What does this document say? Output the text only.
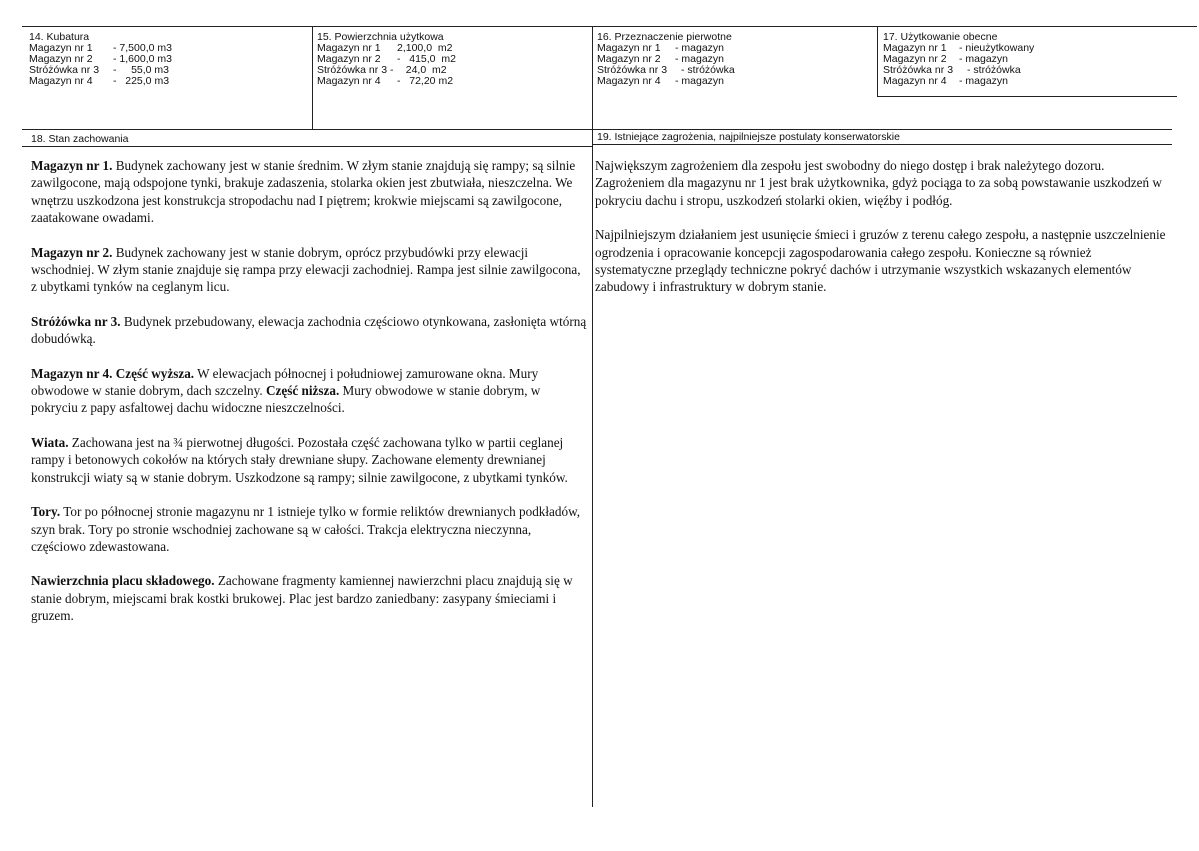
14. Kubatura
Magazyn nr 1	- 7,500,0 m3
Magazyn nr 2	- 1,600,0 m3
Stróżówka nr 3	-     55,0 m3
Magazyn nr 4	-   225,0 m3
15. Powierzchnia użytkowa
Magazyn nr 1	2,100,0  m2
Magazyn nr 2	-   415,0  m2
Stróżówka nr 3 - 24,0  m2
Magazyn nr 4	-   72,20 m2
16. Przeznaczenie pierwotne
Magazyn nr 1	- magazyn
Magazyn nr 2	- magazyn
Stróżówka nr 3	- stróżówka
Magazyn nr 4	- magazyn
17. Użytkowanie obecne
Magazyn nr 1	- nieużytkowany
Magazyn nr 2	- magazyn
Stróżówka nr 3	- stróżówka
Magazyn nr 4	- magazyn
18. Stan zachowania

Magazyn nr 1. Budynek zachowany jest w stanie średnim. W złym stanie znajdują się rampy; są silnie zawilgocone, mają odspojone tynki, brakuje zadaszenia, stolarka okien jest zbutwiała, nieszczelna. We wnętrzu uszkodzona jest konstrukcja stropodachu nad I piętrem; krokwie miejscami są zawilgocone, zaatakowane owadami.

Magazyn nr 2. Budynek zachowany jest w stanie dobrym, oprócz przybudówki przy elewacji wschodniej. W złym stanie znajduje się rampa przy elewacji zachodniej. Rampa jest silnie zawilgocona, z ubytkami tynków na ceglanym licu.

Stróżówka nr 3. Budynek przebudowany, elewacja zachodnia częściowo otynkowana, zasłonięta wtórną dobudówką.

Magazyn nr 4. Część wyższa. W elewacjach północnej i południowej zamurowane okna. Mury obwodowe w stanie dobrym, dach szczelny. Część niższa. Mury obwodowe w stanie dobrym, w pokryciu z papy asfaltowej dachu widoczne nieszczelności.

Wiata. Zachowana jest na ¾ pierwotnej długości. Pozostała część zachowana tylko w partii ceglanej rampy i betonowych cokołów na których stały drewniane słupy. Zachowane elementy drewnianej konstrukcji wiaty są w stanie dobrym. Uszkodzone są rampy; silnie zawilgocone, z ubytkami tynków.

Tory. Tor po północnej stronie magazynu nr 1 istnieje tylko w formie reliktów drewnianych podkładów, szyn brak. Tory po stronie wschodniej zachowane są w całości. Trakcja elektryczna nieczynna, częściowo zdewastowana.

Nawierzchnia placu składowego. Zachowane fragmenty kamiennej nawierzchni placu znajdują się w stanie dobrym, miejscami brak kostki brukowej. Plac jest bardzo zaniedbany: zasypany śmieciami i gruzem.

19. Istniejące zagrożenia, najpilniejsze postulaty konserwatorskie

Największym zagrożeniem dla zespołu jest swobodny do niego dostęp i brak należytego dozoru. Zagrożeniem dla magazynu nr 1 jest brak użytkownika, gdyż pociąga to za sobą powstawanie uszkodzeń w pokryciu dachu i stropu, uszkodzeń stolarki okien, więźby i podłóg.

Najpilniejszym działaniem jest usunięcie śmieci i gruzów z terenu całego zespołu, a następnie uszczelnienie ogrodzenia i opracowanie koncepcji zagospodarowania całego zespołu. Konieczne są również systematyczne przeglądy techniczne pokryć dachów i utrzymanie wszystkich wskazanych elementów zabudowy i infrastruktury w dobrym stanie.
